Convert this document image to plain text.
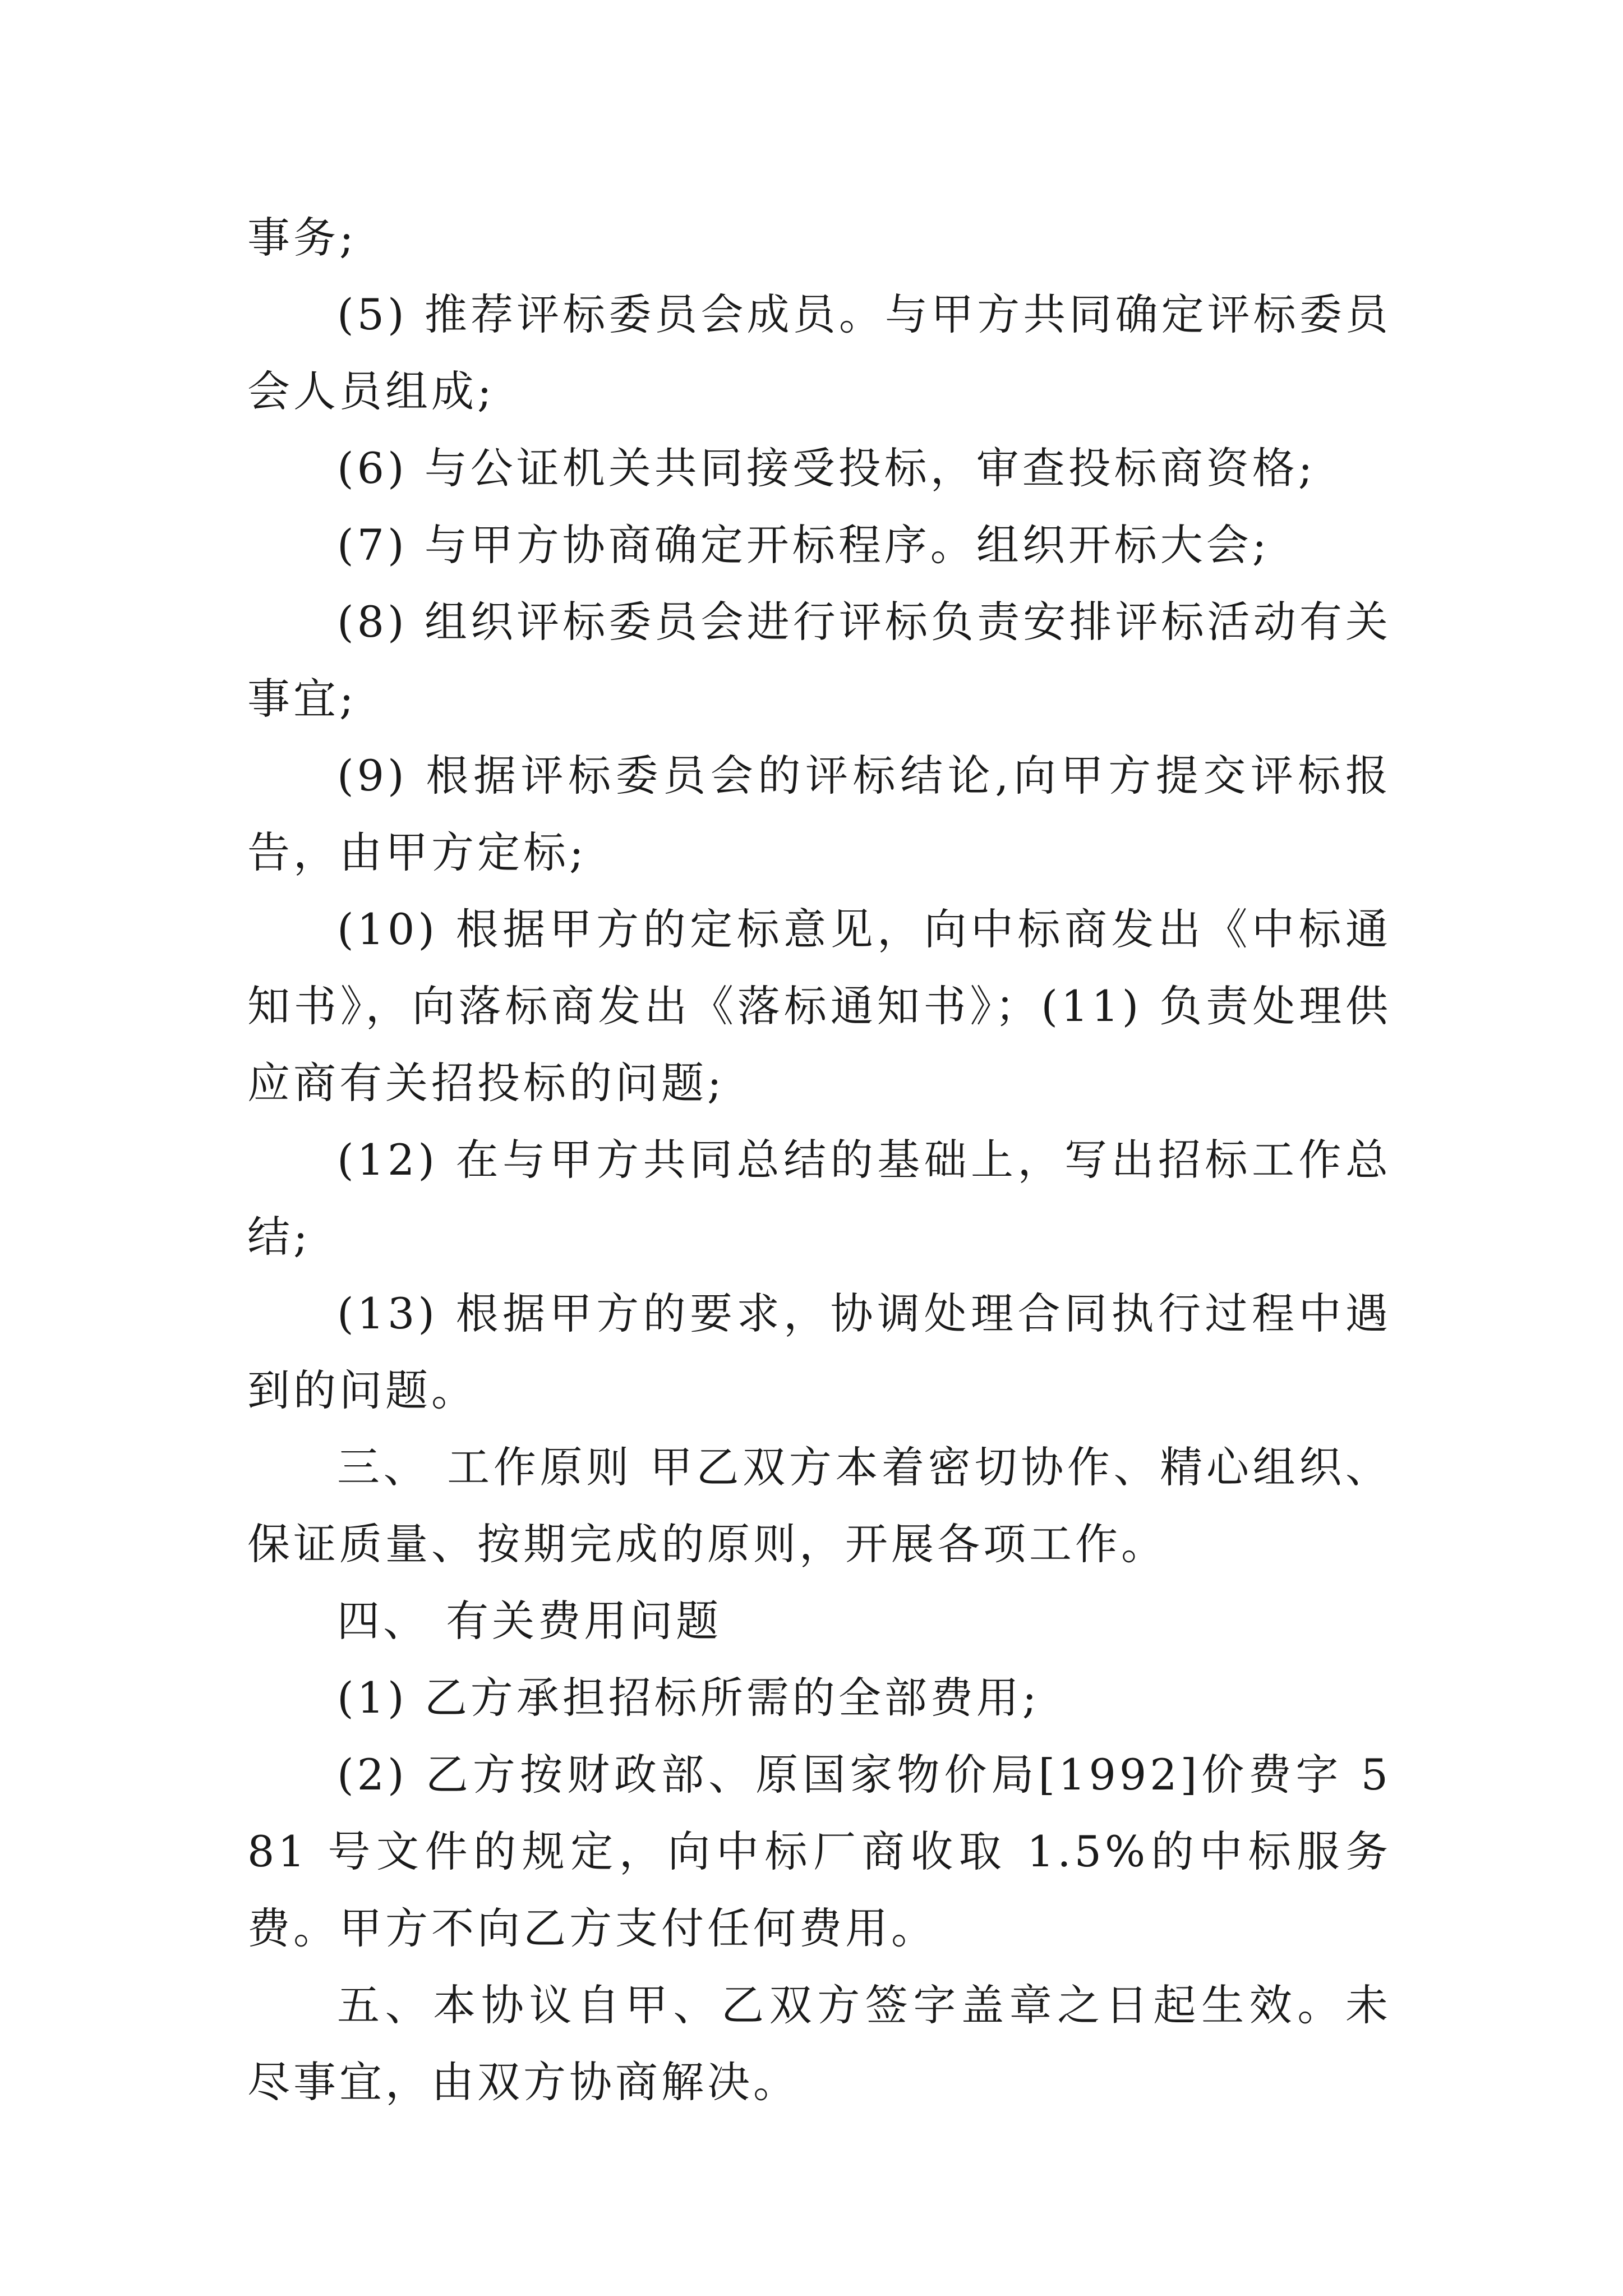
事务;

(5) 推荐评标委员会成员。与甲方共同确定评标委员会人员组成;

(6) 与公证机关共同接受投标，审查投标商资格;

(7) 与甲方协商确定开标程序。组织开标大会;

(8) 组织评标委员会进行评标负责安排评标活动有关事宜;

(9) 根据评标委员会的评标结论,向甲方提交评标报告，由甲方定标;

(10) 根据甲方的定标意见，向中标商发出《中标通知书》，向落标商发出《落标通知书》；(11) 负责处理供应商有关招投标的问题;

(12) 在与甲方共同总结的基础上，写出招标工作总结;

(13) 根据甲方的要求，协调处理合同执行过程中遇到的问题。

三、 工作原则 甲乙双方本着密切协作、精心组织、保证质量、按期完成的原则，开展各项工作。

四、 有关费用问题

(1) 乙方承担招标所需的全部费用;

(2) 乙方按财政部、原国家物价局[1992]价费字 581 号文件的规定，向中标厂商收取 1.5%的中标服务费。甲方不向乙方支付任何费用。

五、本协议自甲、乙双方签字盖章之日起生效。未尽事宜，由双方协商解决。
